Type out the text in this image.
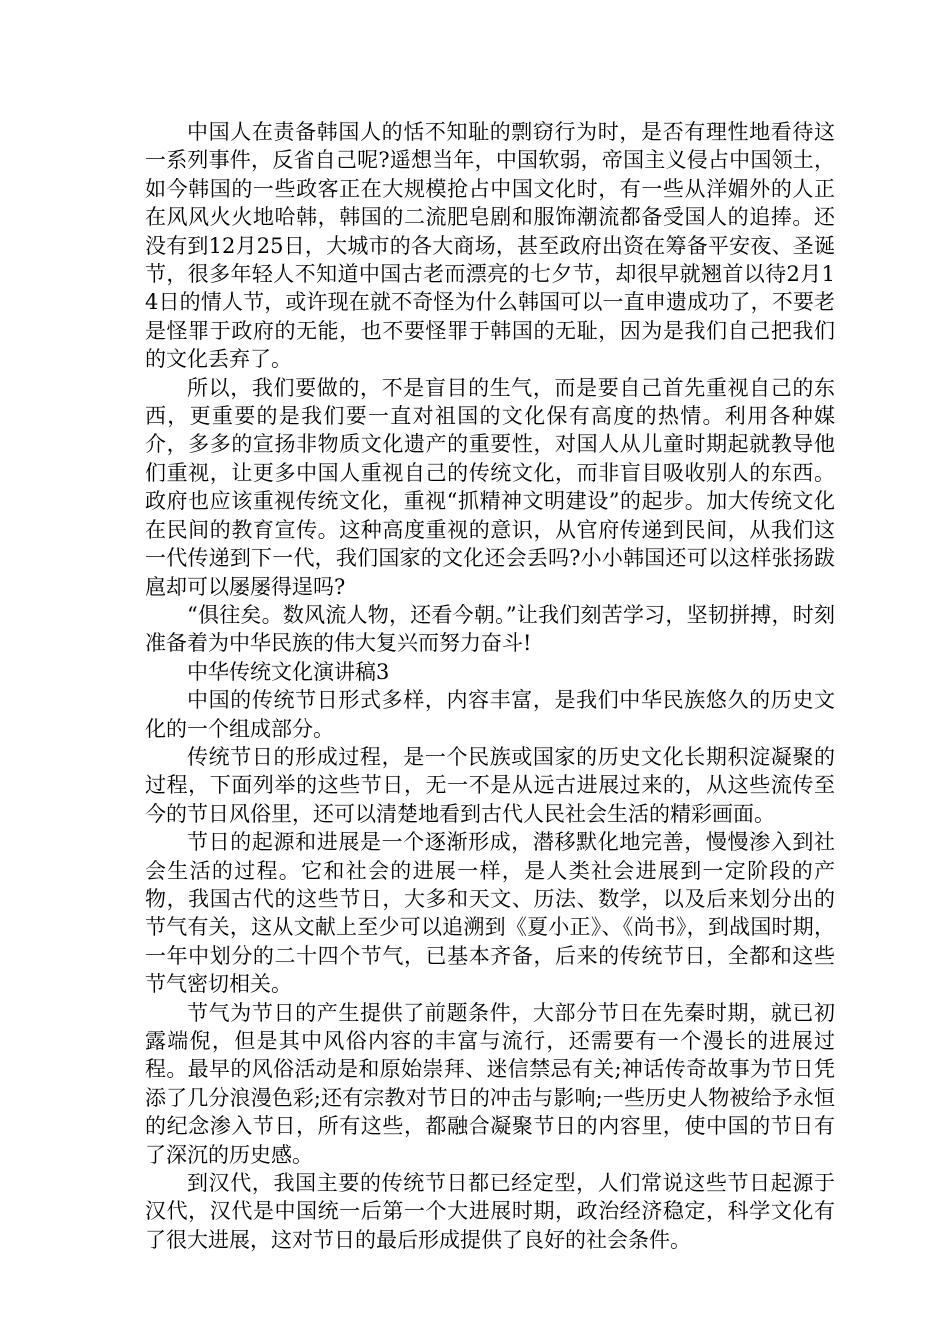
中国人在责备韩国人的恬不知耻的剽窃行为时，是否有理性地看待这一系列事件，反省自己呢?遥想当年，中国软弱，帝国主义侵占中国领土，如今韩国的一些政客正在大规模抢占中国文化时，有一些从洋媚外的人正在风风火火地哈韩，韩国的二流肥皂剧和服饰潮流都备受国人的追捧。还没有到12月25日，大城市的各大商场，甚至政府出资在筹备平安夜、圣诞节，很多年轻人不知道中国古老而漂亮的七夕节，却很早就翘首以待2月14日的情人节，或许现在就不奇怪为什么韩国可以一直申遗成功了，不要老是怪罪于政府的无能，也不要怪罪于韩国的无耻，因为是我们自己把我们的文化丢弃了。

所以，我们要做的，不是盲目的生气，而是要自己首先重视自己的东西，更重要的是我们要一直对祖国的文化保有高度的热情。利用各种媒介，多多的宣扬非物质文化遗产的重要性，对国人从儿童时期起就教导他们重视，让更多中国人重视自己的传统文化，而非盲目吸收别人的东西。政府也应该重视传统文化，重视“抓精神文明建设”的起步。加大传统文化在民间的教育宣传。这种高度重视的意识，从官府传递到民间，从我们这一代传递到下一代，我们国家的文化还会丢吗?小小韩国还可以这样张扬跋扈却可以屡屡得逞吗?

“俱往矣。数风流人物，还看今朝。”让我们刻苦学习，坚韧拼搏，时刻准备着为中华民族的伟大复兴而努力奋斗!

中华传统文化演讲稿3

中国的传统节日形式多样，内容丰富，是我们中华民族悠久的历史文化的一个组成部分。

传统节日的形成过程，是一个民族或国家的历史文化长期积淀凝聚的过程，下面列举的这些节日，无一不是从远古进展过来的，从这些流传至今的节日风俗里，还可以清楚地看到古代人民社会生活的精彩画面。

节日的起源和进展是一个逐渐形成，潜移默化地完善，慢慢渗入到社会生活的过程。它和社会的进展一样，是人类社会进展到一定阶段的产物，我国古代的这些节日，大多和天文、历法、数学，以及后来划分出的节气有关，这从文献上至少可以追溯到《夏小正》、《尚书》，到战国时期，一年中划分的二十四个节气，已基本齐备，后来的传统节日，全都和这些节气密切相关。

节气为节日的产生提供了前题条件，大部分节日在先秦时期，就已初露端倪，但是其中风俗内容的丰富与流行，还需要有一个漫长的进展过程。最早的风俗活动是和原始崇拜、迷信禁忌有关;神话传奇故事为节日凭添了几分浪漫色彩;还有宗教对节日的冲击与影响;一些历史人物被给予永恒的纪念渗入节日，所有这些，都融合凝聚节日的内容里，使中国的节日有了深沉的历史感。

到汉代，我国主要的传统节日都已经定型，人们常说这些节日起源于汉代，汉代是中国统一后第一个大进展时期，政治经济稳定，科学文化有了很大进展，这对节日的最后形成提供了良好的社会条件。
